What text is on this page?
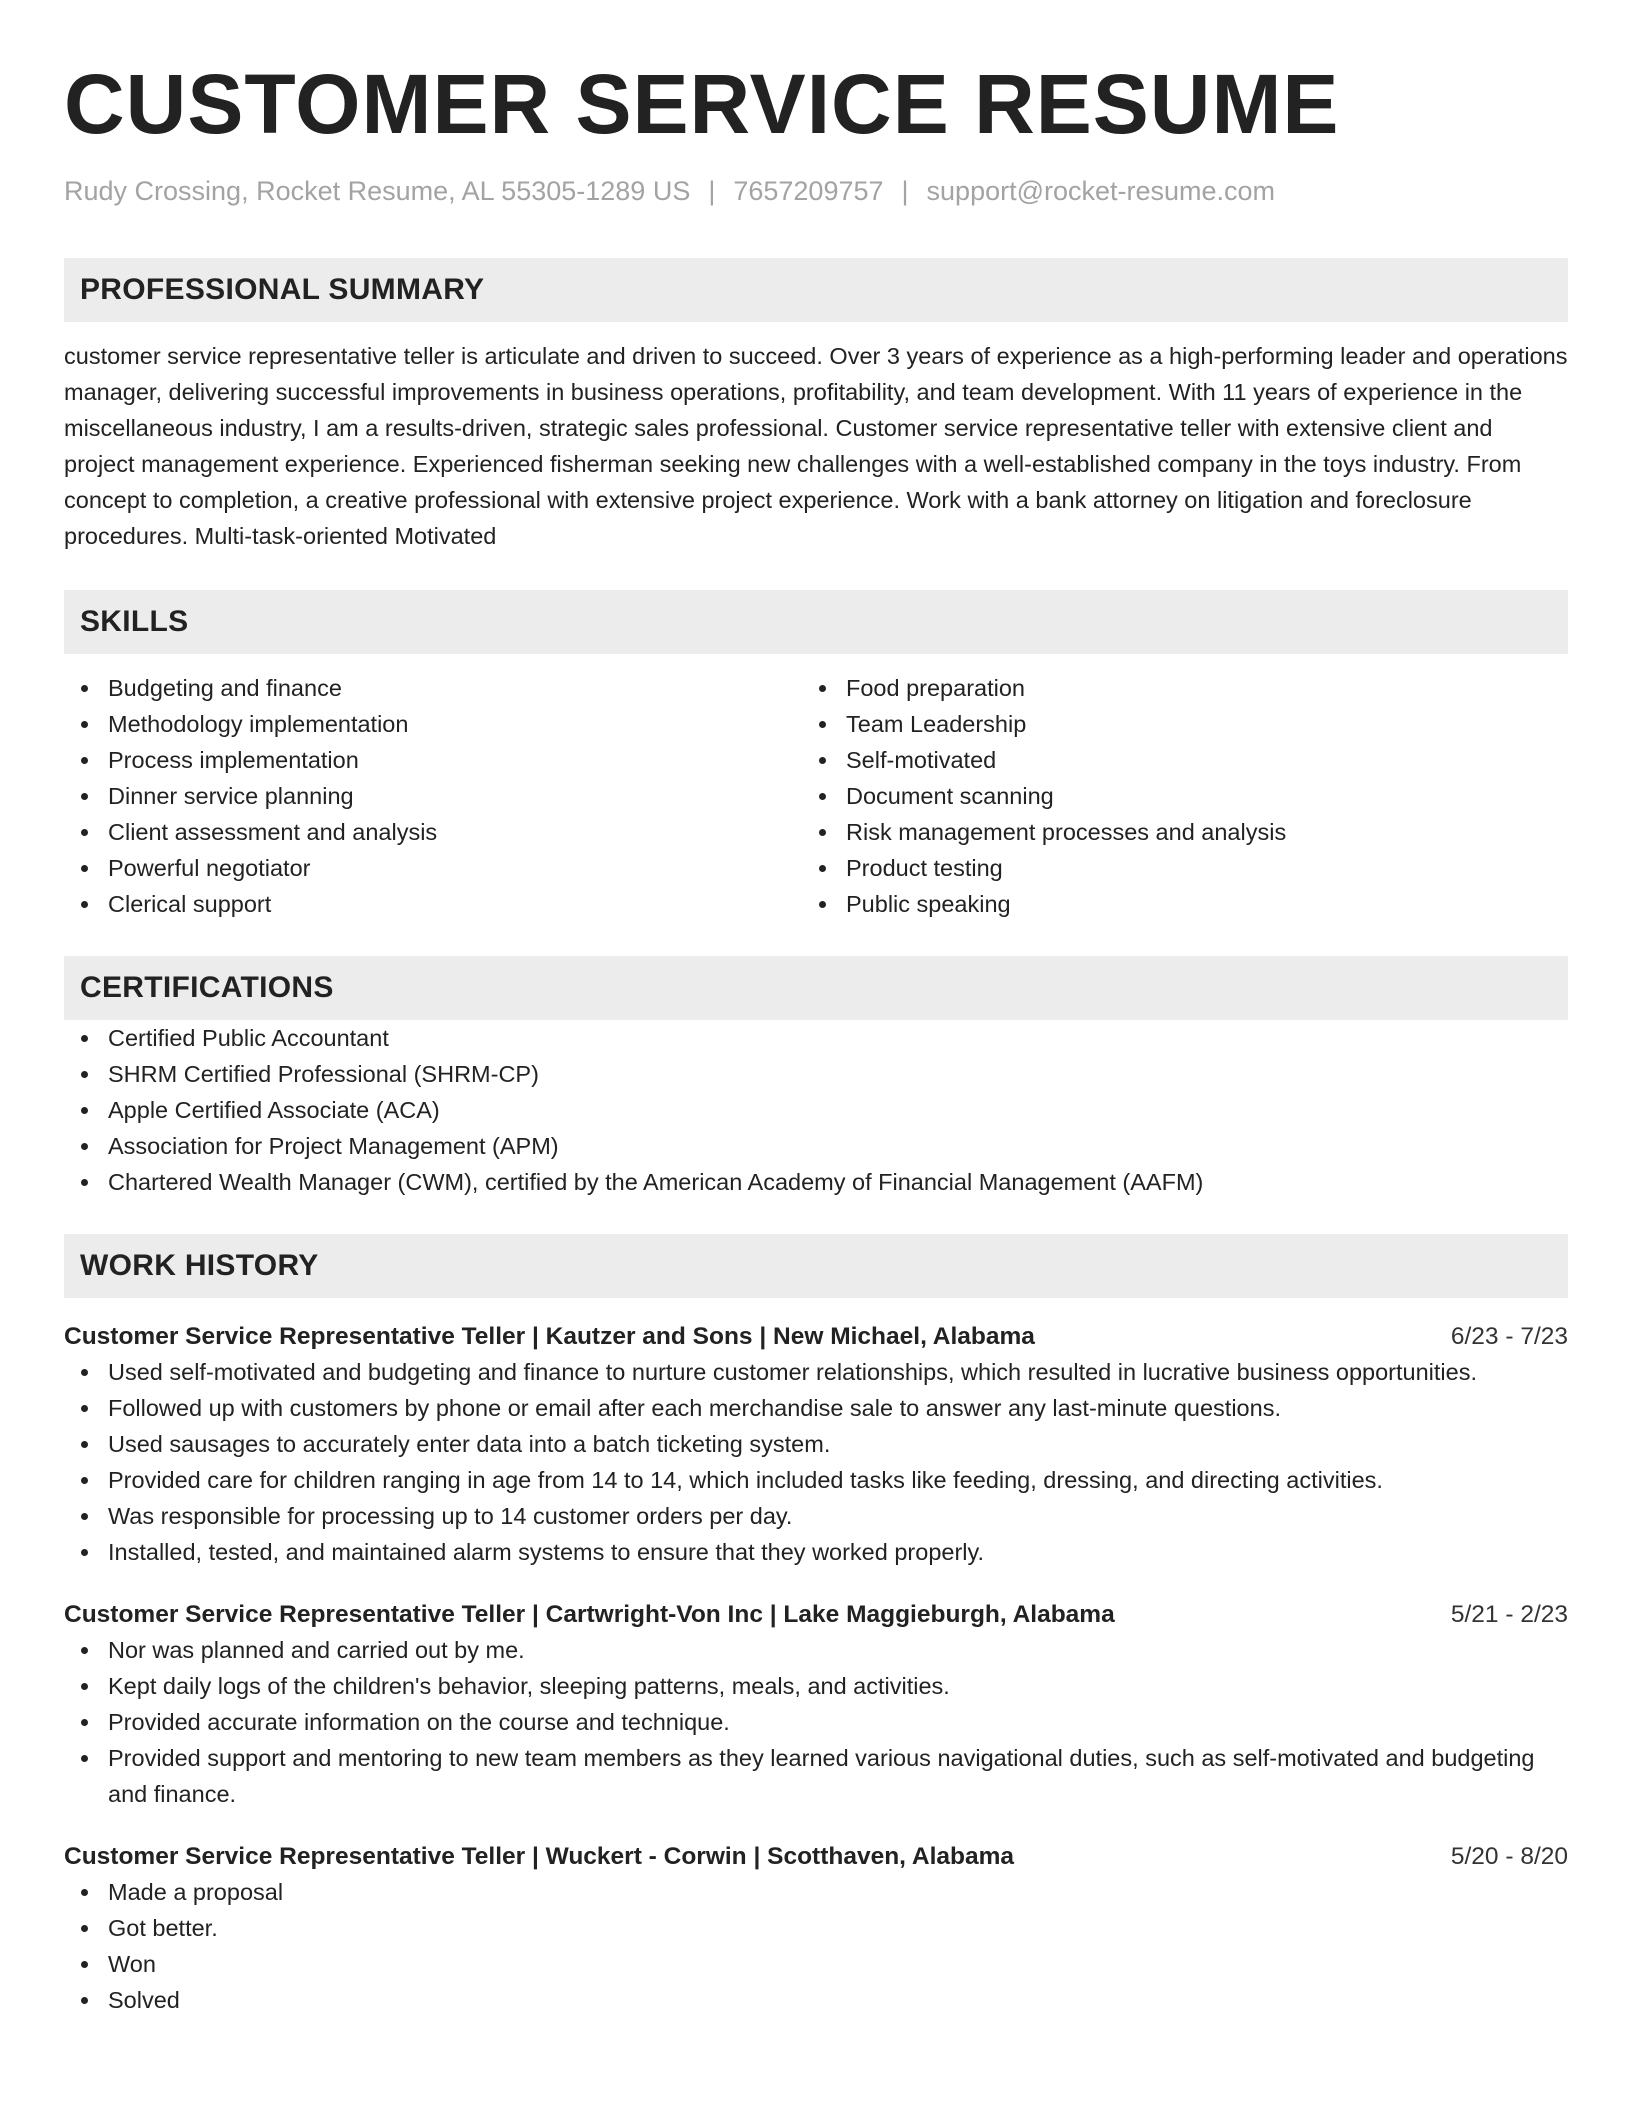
CUSTOMER SERVICE RESUME
Rudy Crossing, Rocket Resume, AL 55305-1289 US | 7657209757 | support@rocket-resume.com
PROFESSIONAL SUMMARY
customer service representative teller is articulate and driven to succeed. Over 3 years of experience as a high-performing leader and operations manager, delivering successful improvements in business operations, profitability, and team development. With 11 years of experience in the miscellaneous industry, I am a results-driven, strategic sales professional. Customer service representative teller with extensive client and project management experience. Experienced fisherman seeking new challenges with a well-established company in the toys industry. From concept to completion, a creative professional with extensive project experience. Work with a bank attorney on litigation and foreclosure procedures. Multi-task-oriented Motivated
SKILLS
Budgeting and finance
Methodology implementation
Process implementation
Dinner service planning
Client assessment and analysis
Powerful negotiator
Clerical support
Food preparation
Team Leadership
Self-motivated
Document scanning
Risk management processes and analysis
Product testing
Public speaking
CERTIFICATIONS
Certified Public Accountant
SHRM Certified Professional (SHRM-CP)
Apple Certified Associate (ACA)
Association for Project Management (APM)
Chartered Wealth Manager (CWM), certified by the American Academy of Financial Management (AAFM)
WORK HISTORY
Customer Service Representative Teller | Kautzer and Sons | New Michael, Alabama	6/23 - 7/23
Used self-motivated and budgeting and finance to nurture customer relationships, which resulted in lucrative business opportunities.
Followed up with customers by phone or email after each merchandise sale to answer any last-minute questions.
Used sausages to accurately enter data into a batch ticketing system.
Provided care for children ranging in age from 14 to 14, which included tasks like feeding, dressing, and directing activities.
Was responsible for processing up to 14 customer orders per day.
Installed, tested, and maintained alarm systems to ensure that they worked properly.
Customer Service Representative Teller | Cartwright-Von Inc | Lake Maggieburgh, Alabama	5/21 - 2/23
Nor was planned and carried out by me.
Kept daily logs of the children's behavior, sleeping patterns, meals, and activities.
Provided accurate information on the course and technique.
Provided support and mentoring to new team members as they learned various navigational duties, such as self-motivated and budgeting and finance.
Customer Service Representative Teller | Wuckert - Corwin | Scotthaven, Alabama	5/20 - 8/20
Made a proposal
Got better.
Won
Solved
